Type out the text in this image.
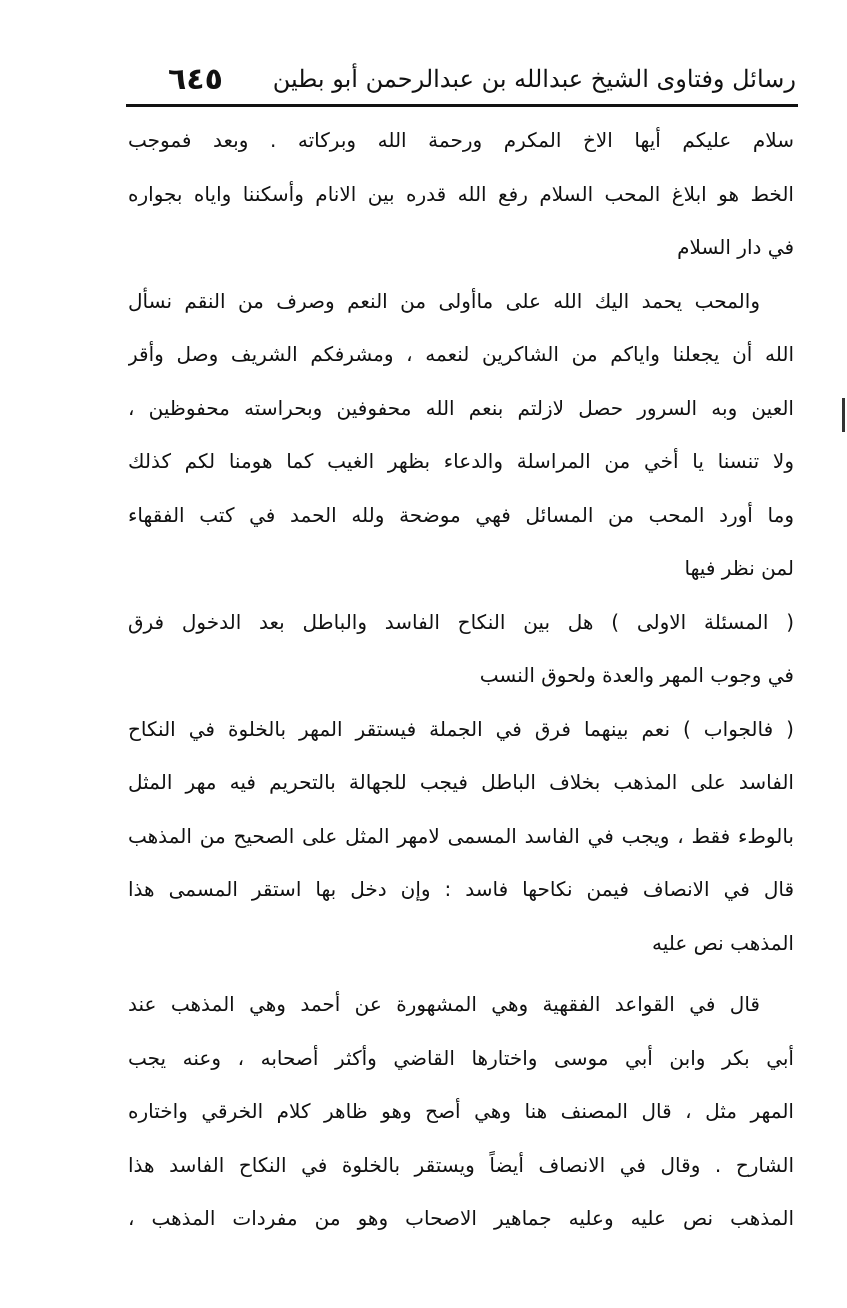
رسائل وفتاوى الشيخ عبدالله بن عبدالرحمن أبو بطين
٦٤٥
سلام عليكم أيها الاخ المكرم ورحمة الله وبركاته . وبعد فموجب
الخط هو ابلاغ المحب السلام رفع الله قدره بين الانام وأسكننا واياه بجواره
في دار السلام
والمحب يحمد اليك الله على ماأولى من النعم وصرف من النقم نسأل
الله أن يجعلنا واياكم من الشاكرين لنعمه ، ومشرفكم الشريف وصل وأقر
العين وبه السرور حصل لازلتم بنعم الله محفوفين وبحراسته محفوظين ،
ولا تنسنا يا أخي من المراسلة والدعاء بظهر الغيب كما هومنا لكم كذلك
وما أورد المحب من المسائل فهي موضحة ولله الحمد في كتب الفقهاء
لمن نظر فيها
( المسئلة الاولى ) هل بين النكاح الفاسد والباطل بعد الدخول فرق
في وجوب المهر والعدة ولحوق النسب
( فالجواب ) نعم بينهما فرق في الجملة فيستقر المهر بالخلوة في النكاح
الفاسد على المذهب بخلاف الباطل فيجب للجهالة بالتحريم فيه مهر المثل
بالوطء فقط ، ويجب في الفاسد المسمى لامهر المثل على الصحيح من المذهب
قال في الانصاف فيمن نكاحها فاسد : وإن دخل بها استقر المسمى هذا
المذهب نص عليه
قال في القواعد الفقهية وهي المشهورة عن أحمد وهي المذهب عند
أبي بكر وابن أبي موسى واختارها القاضي وأكثر أصحابه ، وعنه يجب
المهر مثل ، قال المصنف هنا وهي أصح وهو ظاهر كلام الخرقي واختاره
الشارح . وقال في الانصاف أيضاً ويستقر بالخلوة في النكاح الفاسد هذا
المذهب نص عليه وعليه جماهير الاصحاب وهو من مفردات المذهب ،
